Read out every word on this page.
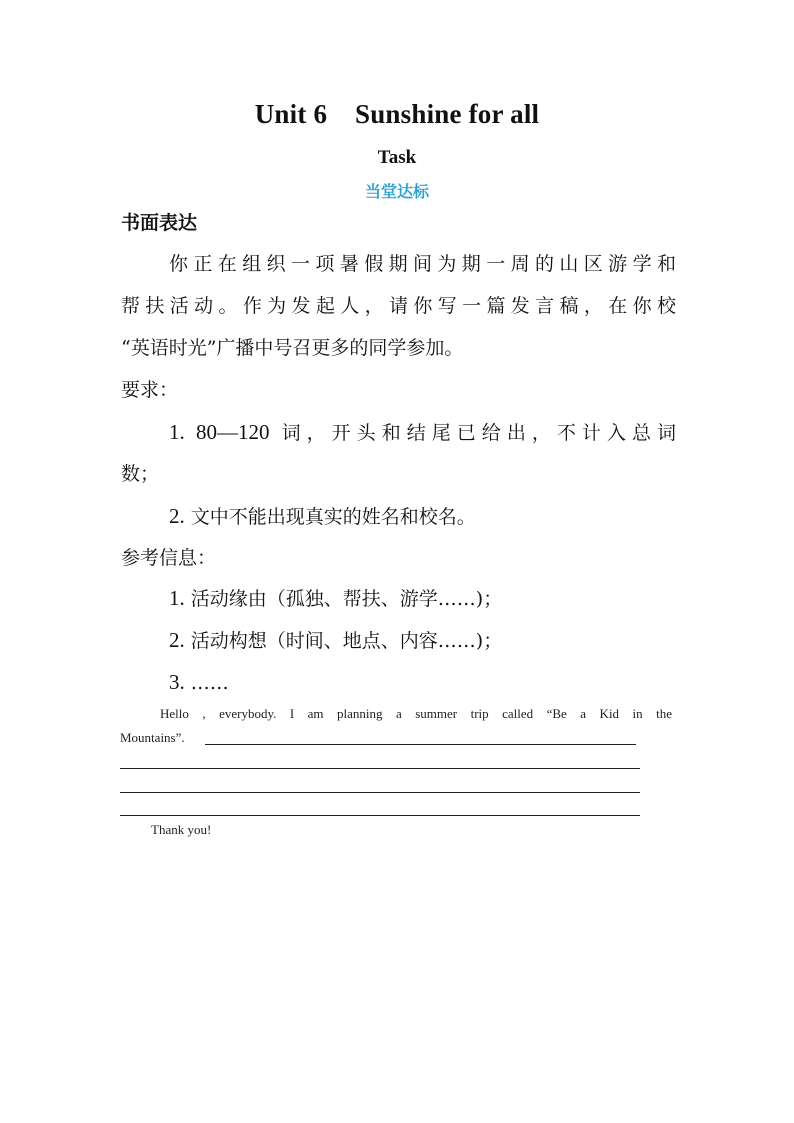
Unit 6    Sunshine for all
Task
当堂达标
书面表达
你正在组织一项暑假期间为期一周的山区游学和
帮扶活动。作为发起人，请你写一篇发言稿，在你校
“英语时光”广播中号召更多的同学参加。
要求：
1. 80—120 词，开头和结尾已给出，不计入总词
数；
2. 文中不能出现真实的姓名和校名。
参考信息：
1. 活动缘由（孤独、帮扶、游学……)；
2. 活动构想（时间、地点、内容……)；
3. ……
Hello , everybody. I am planning a summer trip called “Be a Kid in the
Mountains”.
Thank you!
